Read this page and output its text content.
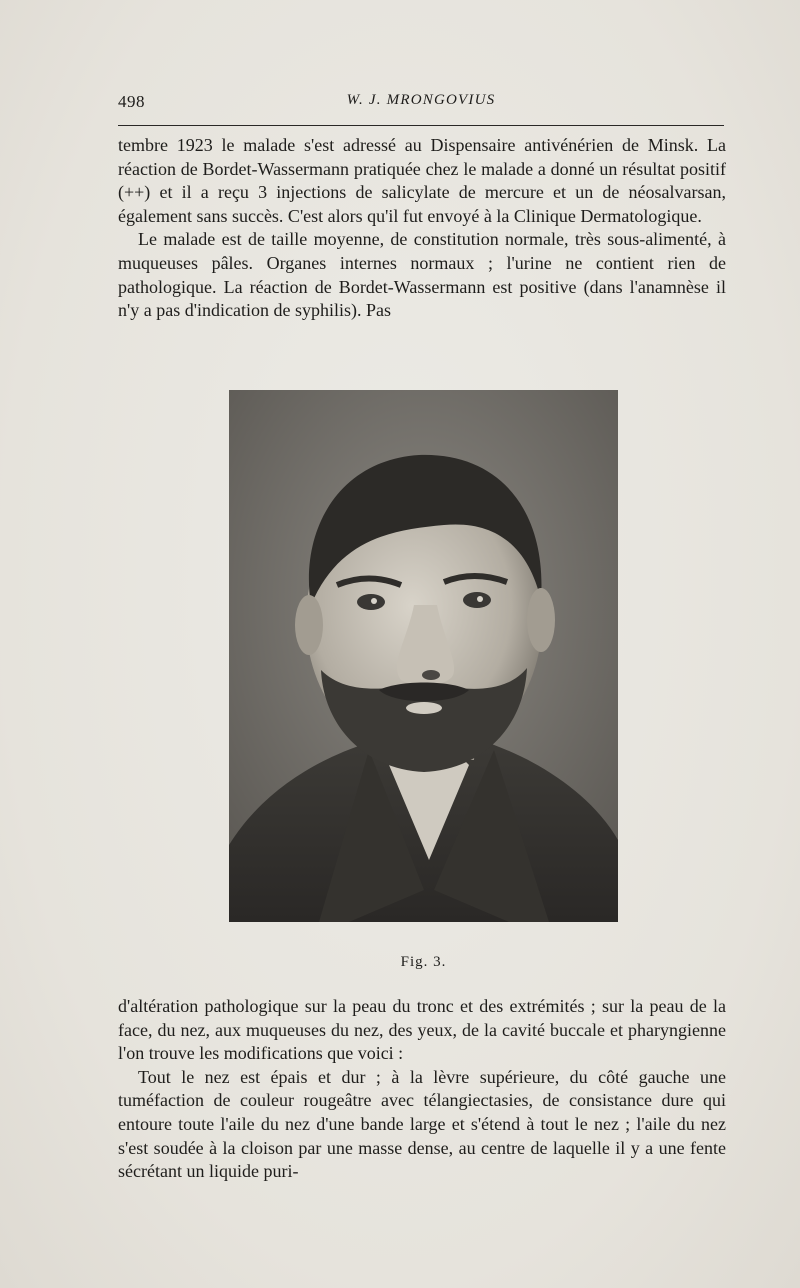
498	W. J. MRONGOVIUS

tembre 1923 le malade s'est adressé au Dispensaire antivénérien de Minsk. La réaction de Bordet-Wassermann pratiquée chez le malade a donné un résultat positif (++) et il a reçu 3 injections de salicylate de mercure et un de néosalvarsan, également sans succès. C'est alors qu'il fut envoyé à la Clinique Dermatologique.

Le malade est de taille moyenne, de constitution normale, très sous-alimenté, à muqueuses pâles. Organes internes normaux ; l'urine ne contient rien de pathologique. La réaction de Bordet-Wassermann est positive (dans l'anamnèse il n'y a pas d'indication de syphilis). Pas

Fig. 3.

d'altération pathologique sur la peau du tronc et des extrémités ; sur la peau de la face, du nez, aux muqueuses du nez, des yeux, de la cavité buccale et pharyngienne l'on trouve les modifications que voici :

Tout le nez est épais et dur ; à la lèvre supérieure, du côté gauche une tuméfaction de couleur rougeâtre avec télangiectasies, de consistance dure qui entoure toute l'aile du nez d'une bande large et s'étend à tout le nez ; l'aile du nez s'est soudée à la cloison par une masse dense, au centre de laquelle il y a une fente sécrétant un liquide puri-
